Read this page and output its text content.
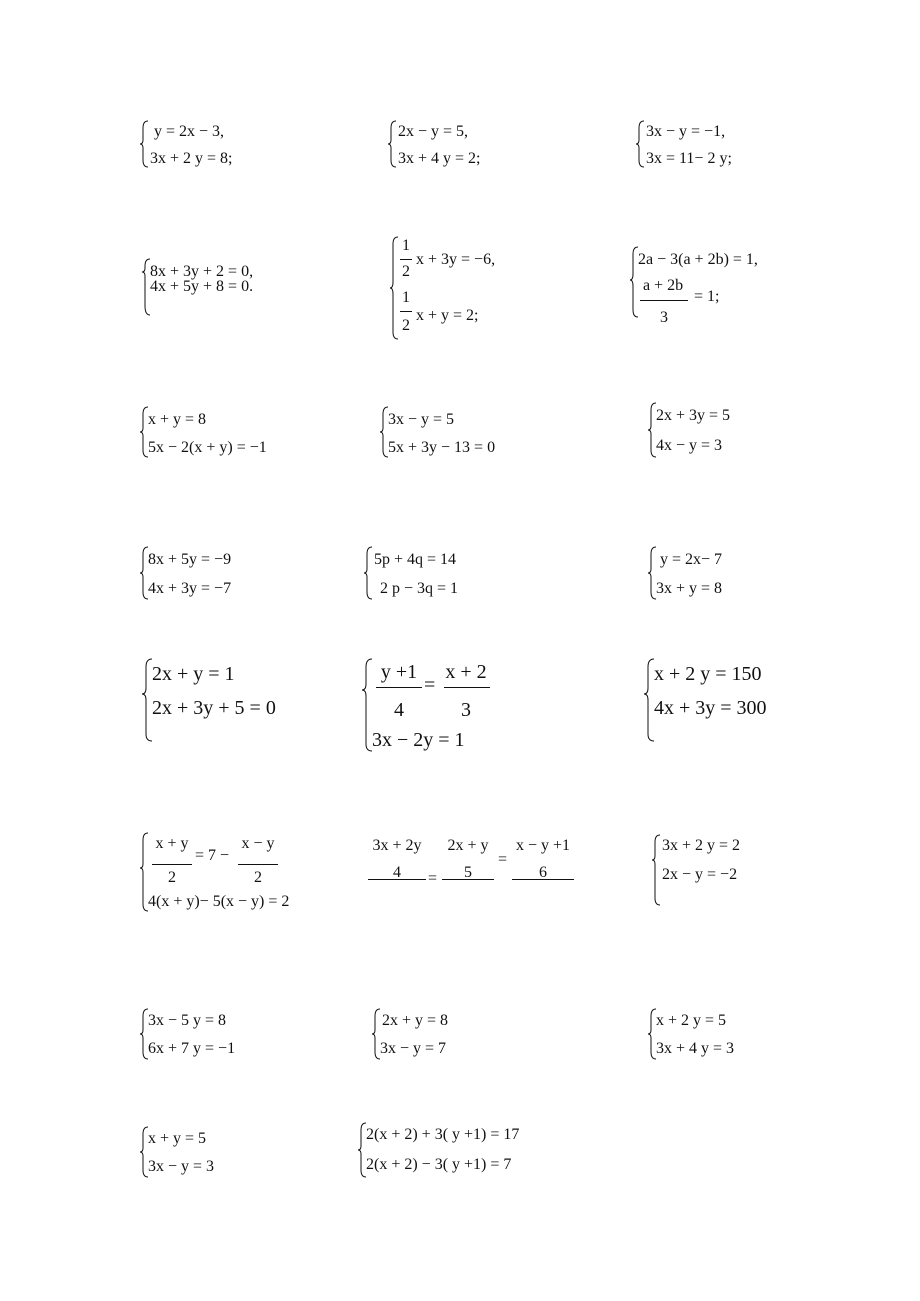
y = 2x − 3,
3x + 2 y = 8;
2x − y = 5,
3x + 4 y = 2;
3x − y = −1,
3x = 11− 2 y;
8x + 3y + 2 = 0,
4x + 5y + 8 = 0.
1
2
x + 3y = −6,
1
2
x + y = 2;
2a − 3(a + 2b) = 1,
a + 2b
3
= 1;
x + y = 8
5x − 2(x + y) = −1
3x − y = 5
5x + 3y − 13 = 0
2x + 3y = 5
4x − y = 3
8x + 5y = −9
4x + 3y = −7
5p + 4q = 14
2 p − 3q = 1
y = 2x− 7
3x + y = 8
2x + y = 1
2x + 3y + 5 = 0
y +1
4
=
x + 2
3
3x − 2y = 1
x + 2 y = 150
4x + 3y = 300
x + y
2
= 7 −
x − y
2
4(x + y)− 5(x − y) = 2
3x + 2y
4	=
2x + y
5
=
x − y +1
6
3x + 2 y = 2
2x − y = −2
3x − 5 y = 8
6x + 7 y = −1
2x + y = 8
3x − y = 7
x + 2 y = 5
3x + 4 y = 3
x + y = 5
3x − y = 3
2(x + 2) + 3( y +1) = 17
2(x + 2) − 3( y +1) = 7
